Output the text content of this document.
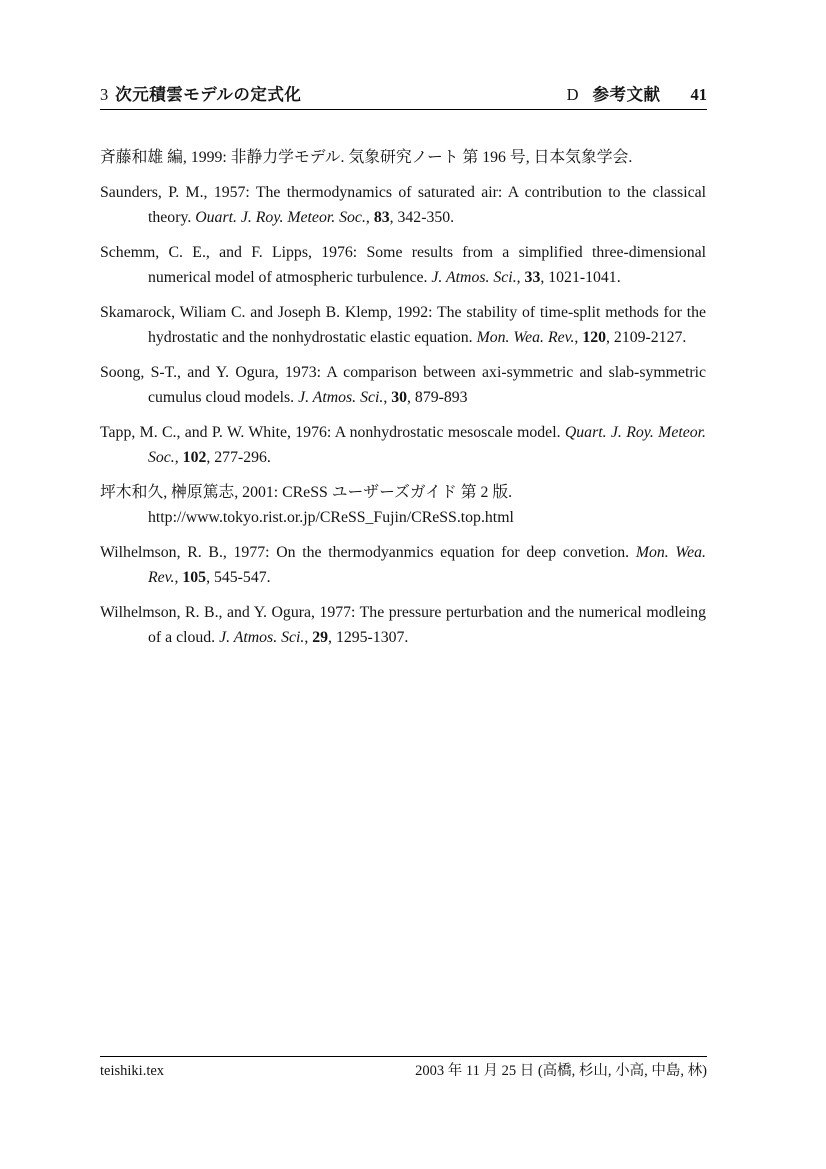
3 次元積雲モデルの定式化	D 参考文献 41

斉藤和雄 編, 1999: 非静力学モデル. 気象研究ノート 第 196 号, 日本気象学会.

Saunders, P. M., 1957: The thermodynamics of saturated air: A contribution to the classical theory. Ouart. J. Roy. Meteor. Soc., 83, 342-350.

Schemm, C. E., and F. Lipps, 1976: Some results from a simplified three-dimensional numerical model of atmospheric turbulence. J. Atmos. Sci., 33, 1021-1041.

Skamarock, Wiliam C. and Joseph B. Klemp, 1992: The stability of time-split methods for the hydrostatic and the nonhydrostatic elastic equation. Mon. Wea. Rev., 120, 2109-2127.

Soong, S-T., and Y. Ogura, 1973: A comparison between axi-symmetric and slab-symmetric cumulus cloud models. J. Atmos. Sci., 30, 879-893

Tapp, M. C., and P. W. White, 1976: A nonhydrostatic mesoscale model. Quart. J. Roy. Meteor. Soc., 102, 277-296.

坪木和久, 榊原篤志, 2001: CReSS ユーザーズガイド 第 2 版.
http://www.tokyo.rist.or.jp/CReSS_Fujin/CReSS.top.html

Wilhelmson, R. B., 1977: On the thermodyanmics equation for deep convetion. Mon. Wea. Rev., 105, 545-547.

Wilhelmson, R. B., and Y. Ogura, 1977: The pressure perturbation and the numerical modleing of a cloud. J. Atmos. Sci., 29, 1295-1307.

teishiki.tex	2003 年 11 月 25 日 (高橋, 杉山, 小高, 中島, 林)
